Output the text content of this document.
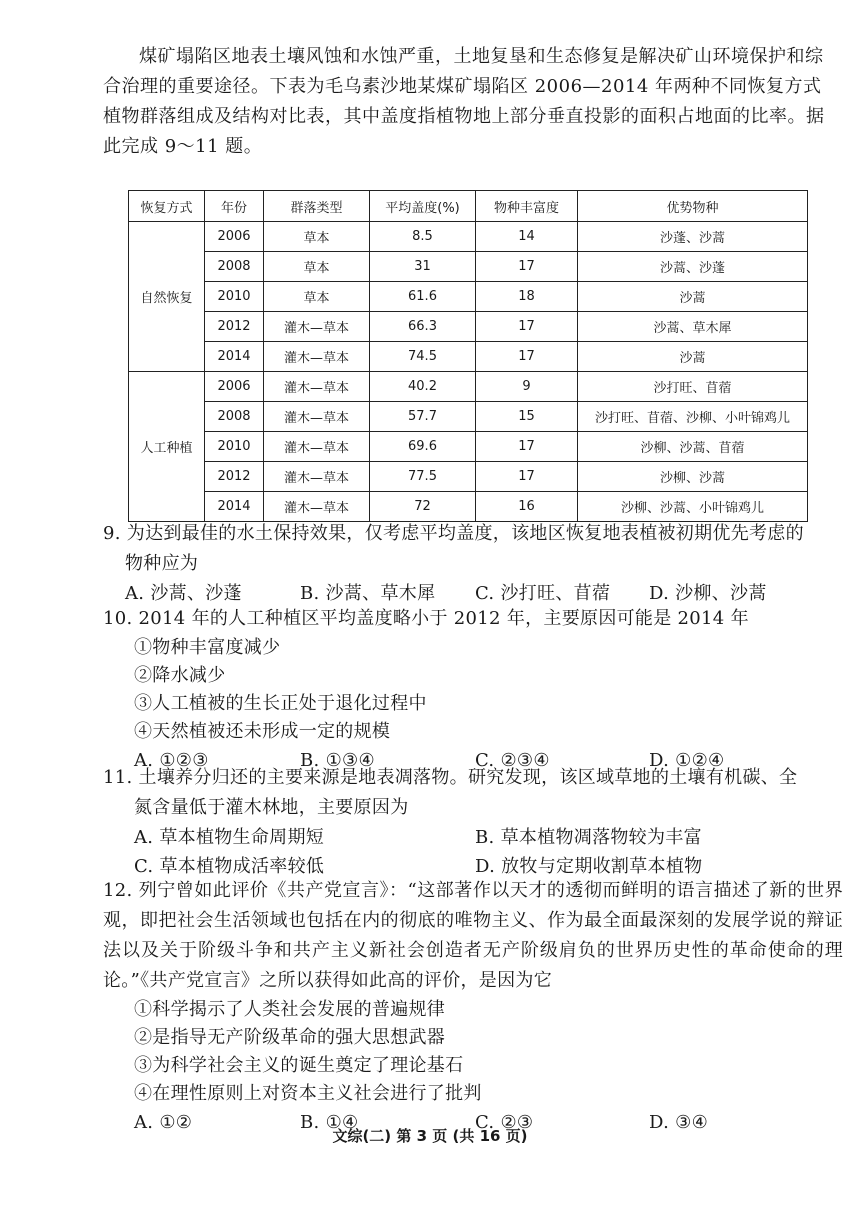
煤矿塌陷区地表土壤风蚀和水蚀严重，土地复垦和生态修复是解决矿山环境保护和综合治理的重要途径。下表为毛乌素沙地某煤矿塌陷区 2006—2014 年两种不同恢复方式植物群落组成及结构对比表，其中盖度指植物地上部分垂直投影的面积占地面的比率。据此完成 9～11 题。
恢复方式	年份	群落类型	平均盖度(%)	物种丰富度	优势物种
自然恢复	2006	草本	8.5	14	沙蓬、沙蒿
	2008	草本	31	17	沙蒿、沙蓬
	2010	草本	61.6	18	沙蒿
	2012	灌木—草本	66.3	17	沙蒿、草木犀
	2014	灌木—草本	74.5	17	沙蒿
人工种植	2006	灌木—草本	40.2	9	沙打旺、苜蓿
	2008	灌木—草本	57.7	15	沙打旺、苜蓿、沙柳、小叶锦鸡儿
	2010	灌木—草本	69.6	17	沙柳、沙蒿、苜蓿
	2012	灌木—草本	77.5	17	沙柳、沙蒿
	2014	灌木—草本	72	16	沙柳、沙蒿、小叶锦鸡儿
9. 为达到最佳的水土保持效果，仅考虑平均盖度，该地区恢复地表植被初期优先考虑的
物种应为
A. 沙蒿、沙蓬	B. 沙蒿、草木犀 C. 沙打旺、苜蓿 D. 沙柳、沙蒿
10. 2014 年的人工种植区平均盖度略小于 2012 年，主要原因可能是 2014 年
①物种丰富度减少
②降水减少
③人工植被的生长正处于退化过程中
④天然植被还未形成一定的规模
A. ①②③	B. ①③④	C. ②③④	D. ①②④
11. 土壤养分归还的主要来源是地表凋落物。研究发现，该区域草地的土壤有机碳、全
氮含量低于灌木林地，主要原因为
A. 草本植物生命周期短	B. 草本植物凋落物较为丰富
C. 草本植物成活率较低	D. 放牧与定期收割草本植物
12. 列宁曾如此评价《共产党宣言》：“这部著作以天才的透彻而鲜明的语言描述了新的世界观，即把社会生活领域也包括在内的彻底的唯物主义、作为最全面最深刻的发展学说的辩证法以及关于阶级斗争和共产主义新社会创造者无产阶级肩负的世界历史性的革命使命的理论。”《共产党宣言》之所以获得如此高的评价，是因为它
①科学揭示了人类社会发展的普遍规律
②是指导无产阶级革命的强大思想武器
③为科学社会主义的诞生奠定了理论基石
④在理性原则上对资本主义社会进行了批判
A. ①②	B. ①④	C. ②③	D. ③④
文综(二) 第 3 页 (共 16 页)
